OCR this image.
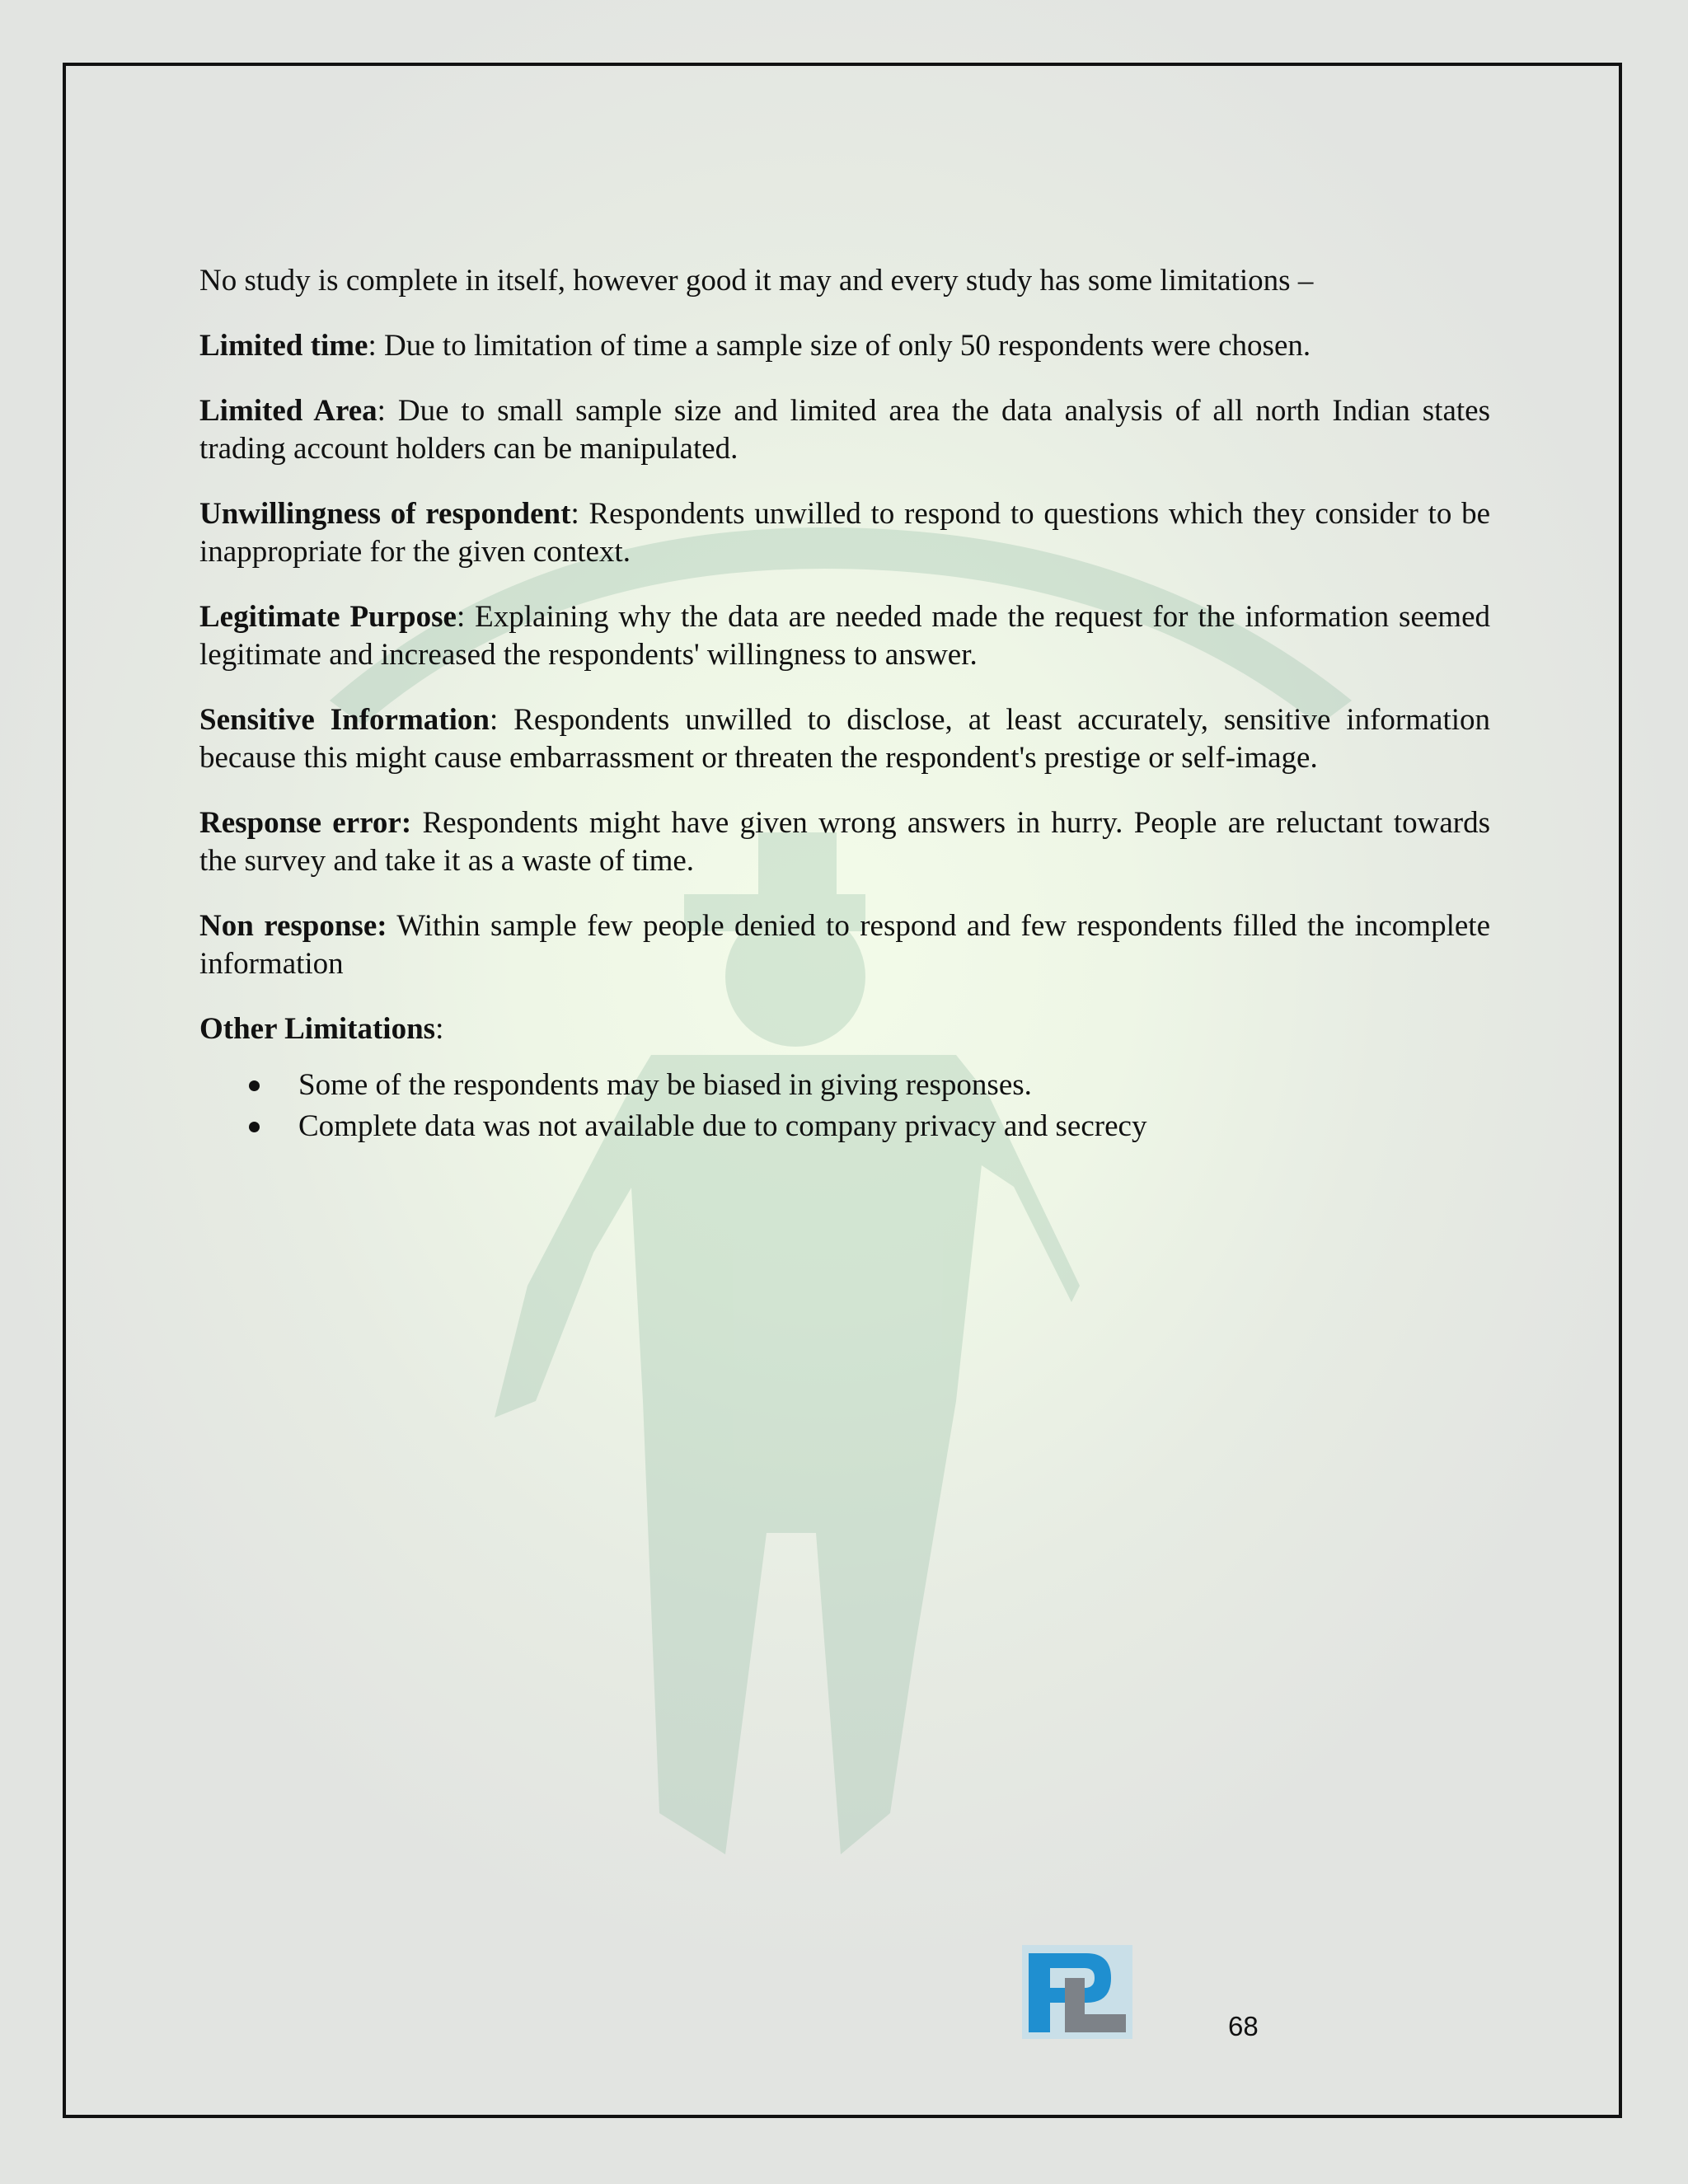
No study is complete in itself, however good it may and every study has some limitations –

Limited time: Due to limitation of time a sample size of only 50 respondents were chosen.

Limited Area: Due to small sample size and limited area the data analysis of all north Indian states trading account holders can be manipulated.

Unwillingness of respondent: Respondents unwilled to respond to questions which they consider to be inappropriate for the given context.

Legitimate Purpose: Explaining why the data are needed made the request for the information seemed legitimate and increased the respondents' willingness to answer.

Sensitive Information: Respondents unwilled to disclose, at least accurately, sensitive information because this might cause embarrassment or threaten the respondent's prestige or self-image.

Response error: Respondents might have given wrong answers in hurry. People are reluctant towards the survey and take it as a waste of time.

Non response: Within sample few people denied to respond and few respondents filled the incomplete information

Other Limitations:

Some of the respondents may be biased in giving responses.
Complete data was not available due to company privacy and secrecy
68
